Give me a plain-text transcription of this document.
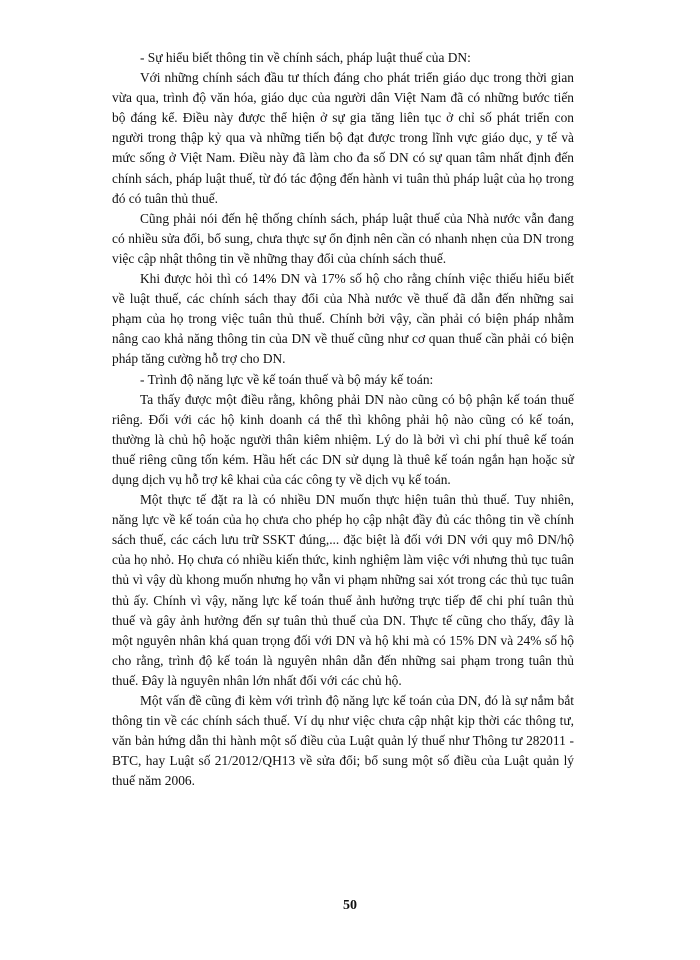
- Sự hiểu biết thông tin về chính sách, pháp luật thuế của DN:

Với những chính sách đầu tư thích đáng cho phát triển giáo dục trong thời gian vừa qua, trình độ văn hóa, giáo dục của người dân Việt Nam đã có những bước tiến bộ đáng kể. Điều này được thể hiện ở sự gia tăng liên tục ở chỉ số phát triển con người trong thập kỷ qua và những tiến bộ đạt được trong lĩnh vực giáo dục, y tế và mức sống ở Việt Nam. Điều này đã làm cho đa số DN có sự quan tâm nhất định đến chính sách, pháp luật thuế, từ đó tác động đến hành vi tuân thủ pháp luật của họ trong đó có tuân thủ thuế.

Cũng phải nói đến hệ thống chính sách, pháp luật thuế của Nhà nước vẫn đang có nhiều sửa đổi, bổ sung, chưa thực sự ổn định nên cần có nhanh nhẹn của DN trong việc cập nhật thông tin về những thay đổi của chính sách thuế.

Khi được hỏi thì có 14% DN và 17% số hộ cho rằng chính việc thiếu hiểu biết về luật thuế, các chính sách thay đổi của Nhà nước về thuế đã dẫn đến những sai phạm của họ trong việc tuân thủ thuế. Chính bởi vậy, cần phải có biện pháp nhằm nâng cao khả năng thông tin của DN về thuế cũng như cơ quan thuế cần phải có biện pháp tăng cường hỗ trợ cho DN.

- Trình độ năng lực về kế toán thuế và bộ máy kế toán:

Ta thấy được một điều rằng, không phải DN nào cũng có bộ phận kế toán thuế riêng. Đối với các hộ kinh doanh cá thể thì không phải hộ nào cũng có kế toán, thường là chủ hộ hoặc người thân kiêm nhiệm. Lý do là bởi vì chi phí thuê kế toán thuế riêng cũng tốn kém. Hầu hết các DN sử dụng là thuê kế toán ngắn hạn hoặc sử dụng dịch vụ hỗ trợ kê khai của các công ty về dịch vụ kế toán.

Một thực tế đặt ra là có nhiều DN muốn thực hiện tuân thủ thuế. Tuy nhiên, năng lực về kế toán của họ chưa cho phép họ cập nhật đầy đủ các thông tin về chính sách thuế, các cách lưu trữ SSKT đúng,... đặc biệt là đối với DN với quy mô DN/hộ của họ nhỏ. Họ chưa có nhiều kiến thức, kinh nghiệm làm việc với nhưng thủ tục tuân thủ vì vậy dù khong muốn nhưng họ vẫn vi phạm những sai xót trong các thủ tục tuân thủ ấy. Chính vì vậy, năng lực kế toán thuế ảnh hưởng trực tiếp để chi phí tuân thủ thuế và gây ảnh hưởng đến sự tuân thủ thuế của DN. Thực tế cũng cho thấy, đây là một nguyên nhân khá quan trọng đối với DN và hộ khi mà có 15% DN và 24% số hộ cho rằng, trình độ kế toán là nguyên nhân dẫn đến những sai phạm trong tuân thủ thuế. Đây là nguyên nhân lớn nhất đối với các chủ hộ.

Một vấn đề cũng đi kèm với trình độ năng lực kế toán của DN, đó là sự nắm bắt thông tin về các chính sách thuế. Ví dụ như việc chưa cập nhật kịp thời các thông tư, văn bản hứng dẫn thi hành một số điều của Luật quản lý thuế như Thông tư 282011 - BTC, hay Luật số 21/2012/QH13 về sửa đổi; bổ sung một số điều của Luật quản lý thuế năm 2006.

50
